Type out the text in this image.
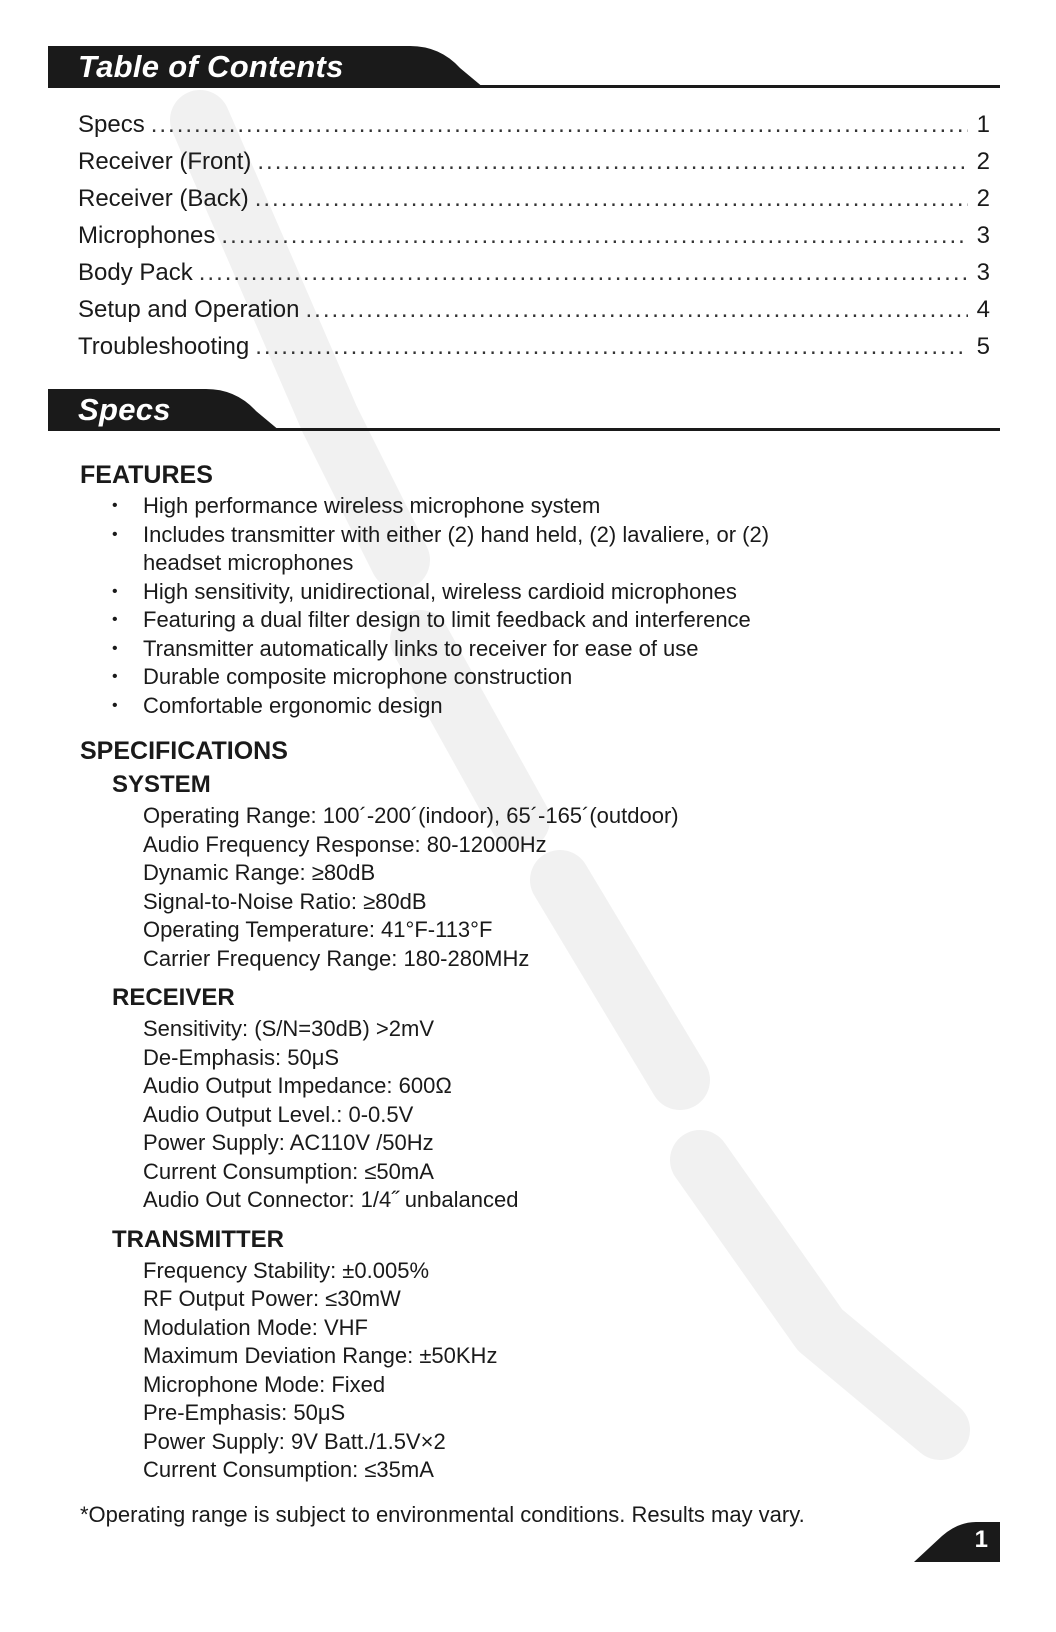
Table of Contents
Specs .....	1
Receiver (Front) .....	2
Receiver (Back) .....	2
Microphones .....	3
Body Pack .....	3
Setup and Operation .....	4
Troubleshooting .....	5
Specs
FEATURES
• High performance wireless microphone system
• Includes transmitter with either (2) hand held, (2) lavaliere, or (2) headset microphones
• High sensitivity, unidirectional, wireless cardioid microphones
• Featuring a dual filter design to limit feedback and interference
• Transmitter automatically links to receiver for ease of use
• Durable composite microphone construction
• Comfortable ergonomic design
SPECIFICATIONS
SYSTEM
Operating Range: 100´-200´(indoor), 65´-165´(outdoor)
Audio Frequency Response: 80-12000Hz
Dynamic Range: ≥80dB
Signal-to-Noise Ratio: ≥80dB
Operating Temperature: 41°F-113°F
Carrier Frequency Range: 180-280MHz
RECEIVER
Sensitivity: (S/N=30dB) >2mV
De-Emphasis: 50μS
Audio Output Impedance: 600Ω
Audio Output Level.: 0-0.5V
Power Supply: AC110V /50Hz
Current Consumption: ≤50mA
Audio Out Connector: 1/4˝ unbalanced
TRANSMITTER
Frequency Stability: ±0.005%
RF Output Power: ≤30mW
Modulation Mode: VHF
Maximum Deviation Range: ±50KHz
Microphone Mode: Fixed
Pre-Emphasis: 50μS
Power Supply: 9V Batt./1.5V×2
Current Consumption: ≤35mA
*Operating range is subject to environmental conditions. Results may vary.
1
